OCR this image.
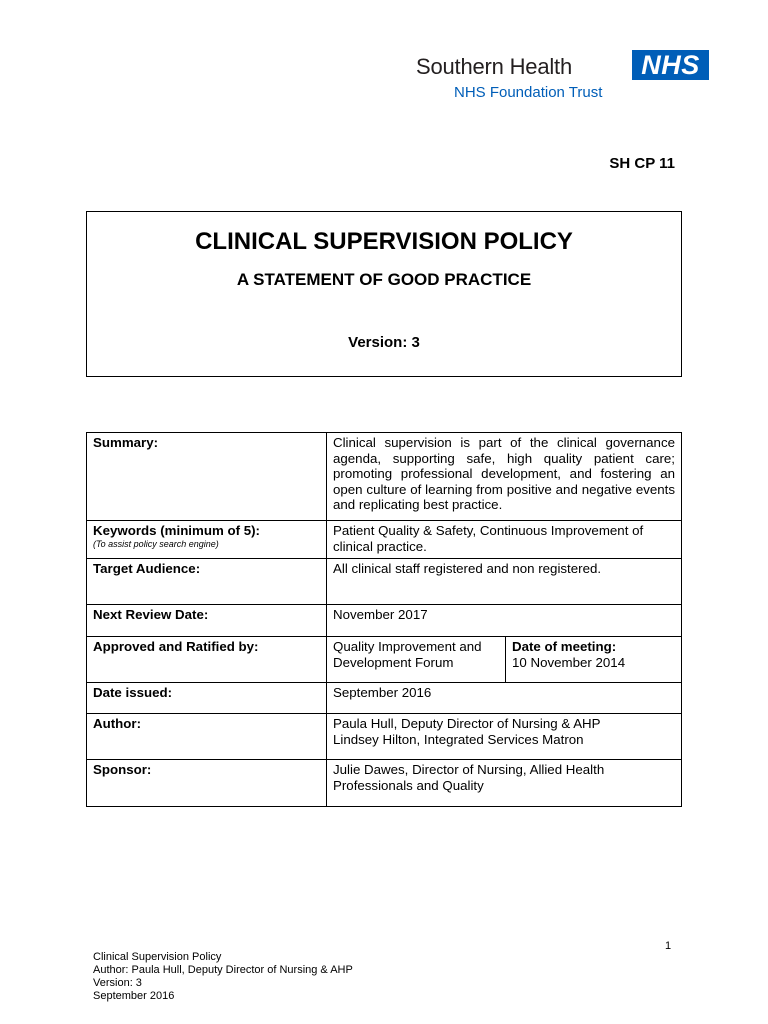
Southern Health	NHS
NHS Foundation Trust
SH CP 11
CLINICAL SUPERVISION POLICY
A STATEMENT OF GOOD PRACTICE
Version: 3
Summary:	Clinical supervision is part of the clinical governance agenda, supporting safe, high quality patient care; promoting professional development, and fostering an open culture of learning from positive and negative events and replicating best practice.	

Keywords (minimum of 5):
(To assist policy search engine)	Patient Quality & Safety, Continuous Improvement of clinical practice.	
Target Audience:	All clinical staff registered and non registered.	
Next Review Date:	November 2017	
Approved and Ratified by:	Quality Improvement and Development Forum	Date of meeting:
10 November 2014

Date issued:	September 2016	
Author:	Paula Hull, Deputy Director of Nursing & AHP
Lindsey Hilton, Integrated Services Matron	

Sponsor:	Julie Dawes, Director of Nursing, Allied Health Professionals and Quality	
1
Clinical Supervision Policy
Author: Paula Hull, Deputy Director of Nursing & AHP
Version: 3
September 2016
